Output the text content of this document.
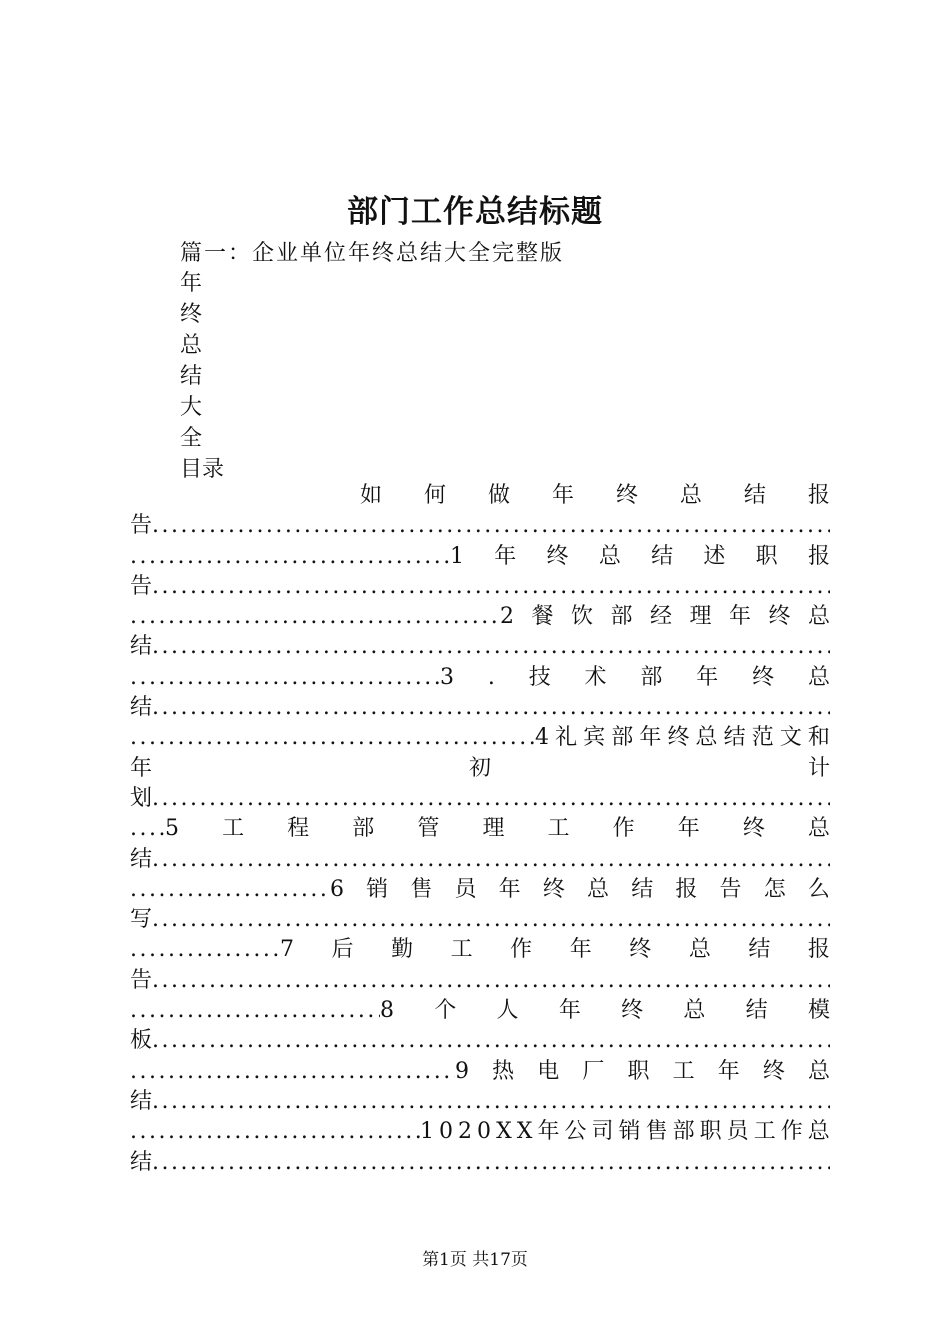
部门工作总结标题
篇一：企业单位年终总结大全完整版
年
终
总
结
大
全
目录
如 何 做 年 终 总 结 报
告
.....
.....
1 年 终 总 结 述 职 报
告
.....
.....
2 餐 饮 部 经 理 年 终 总
结
.....
.....
3 . 技 术 部 年 终 总
结
.....
.....
4 礼 宾 部 年 终 总 结 范 文 和
年	初	计
划
.....
.....
5 工 程 部 管 理 工 作 年 终 总
结
.....
.....
6 销 售 员 年 终 总 结 报 告 怎 么
写
.....
.....
7 后 勤 工 作 年 终 总 结 报
告
.....
.....
8 个 人 年 终 总 结 模
板
.....
.....
9 热 电 厂 职 工 年 终 总
结
.....
.....
1 0 2 0 X X 年 公 司 销 售 部 职 员 工 作 总
结
.....
第1页 共17页
